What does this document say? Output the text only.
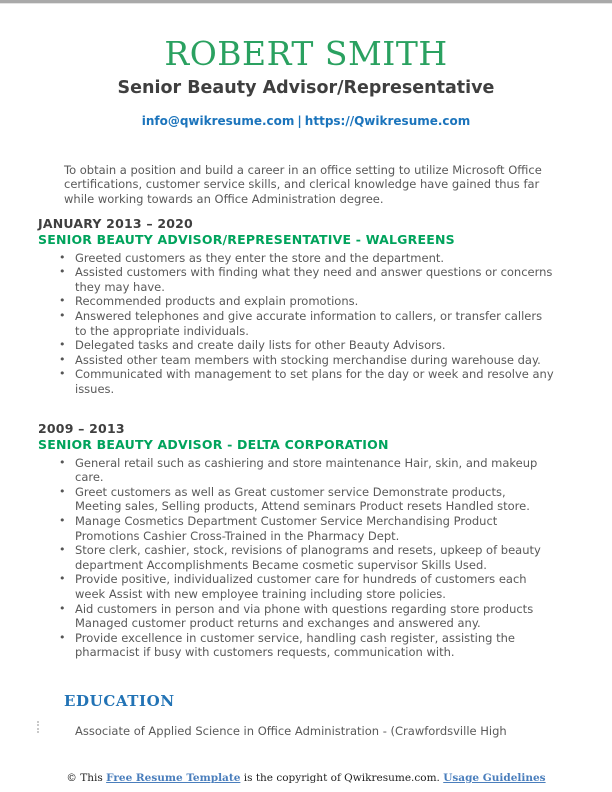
ROBERT SMITH
Senior Beauty Advisor/Representative
info@qwikresume.com | https://Qwikresume.com
To obtain a position and build a career in an office setting to utilize Microsoft Office certifications, customer service skills, and clerical knowledge have gained thus far while working towards an Office Administration degree.
JANUARY 2013 – 2020
SENIOR BEAUTY ADVISOR/REPRESENTATIVE - WALGREENS
• Greeted customers as they enter the store and the department.
• Assisted customers with finding what they need and answer questions or concerns they may have.
• Recommended products and explain promotions.
• Answered telephones and give accurate information to callers, or transfer callers to the appropriate individuals.
• Delegated tasks and create daily lists for other Beauty Advisors.
• Assisted other team members with stocking merchandise during warehouse day.
• Communicated with management to set plans for the day or week and resolve any issues.
2009 – 2013
SENIOR BEAUTY ADVISOR - DELTA CORPORATION
• General retail such as cashiering and store maintenance Hair, skin, and makeup care.
• Greet customers as well as Great customer service Demonstrate products, Meeting sales, Selling products, Attend seminars Product resets Handled store.
• Manage Cosmetics Department Customer Service Merchandising Product Promotions Cashier Cross-Trained in the Pharmacy Dept.
• Store clerk, cashier, stock, revisions of planograms and resets, upkeep of beauty department Accomplishments Became cosmetic supervisor Skills Used.
• Provide positive, individualized customer care for hundreds of customers each week Assist with new employee training including store policies.
• Aid customers in person and via phone with questions regarding store products Managed customer product returns and exchanges and answered any.
• Provide excellence in customer service, handling cash register, assisting the pharmacist if busy with customers requests, communication with.
EDUCATION
Associate of Applied Science in Office Administration - (Crawfordsville High
© This Free Resume Template is the copyright of Qwikresume.com. Usage Guidelines
